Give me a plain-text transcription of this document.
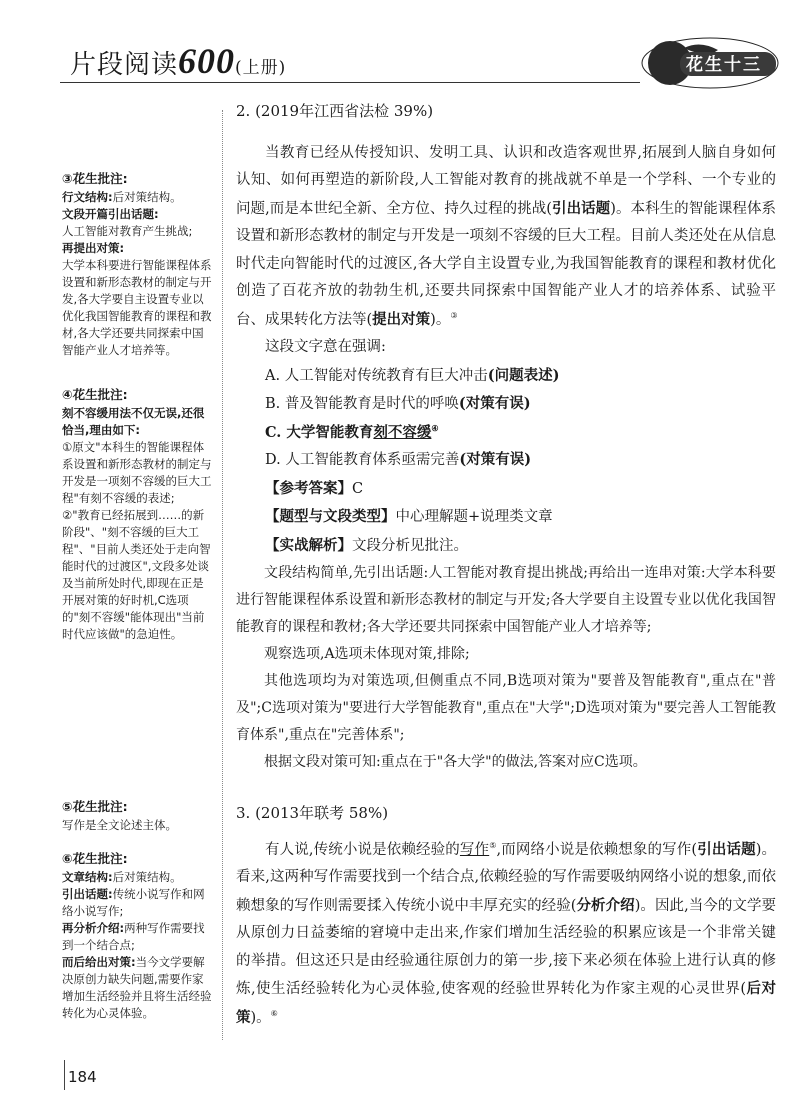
片段阅读600(上册)	花生十三
③花生批注:

行文结构:后对策结构。

文段开篇引出话题:

人工智能对教育产生挑战;

再提出对策:

大学本科要进行智能课程体系设置和新形态教材的制定与开发,各大学要自主设置专业以优化我国智能教育的课程和教材,各大学还要共同探索中国智能产业人才培养等。

④花生批注:

刻不容缓用法不仅无误,还很恰当,理由如下:

①原文"本科生的智能课程体系设置和新形态教材的制定与开发是一项刻不容缓的巨大工程"有刻不容缓的表述;

②"教育已经拓展到……的新阶段"、"刻不容缓的巨大工程"、"目前人类还处于走向智能时代的过渡区",文段多处谈及当前所处时代,即现在正是开展对策的好时机,C选项的"刻不容缓"能体现出"当前时代应该做"的急迫性。

⑤花生批注:

写作是全文论述主体。

⑥花生批注:

文章结构:后对策结构。

引出话题:传统小说写作和网络小说写作;

再分析介绍:两种写作需要找到一个结合点;

而后给出对策:当今文学要解决原创力缺失问题,需要作家增加生活经验并且将生活经验转化为心灵体验。

2. (2019年江西省法检 39%)

当教育已经从传授知识、发明工具、认识和改造客观世界,拓展到人脑自身如何认知、如何再塑造的新阶段,人工智能对教育的挑战就不单是一个学科、一个专业的问题,而是本世纪全新、全方位、持久过程的挑战(引出话题)。本科生的智能课程体系设置和新形态教材的制定与开发是一项刻不容缓的巨大工程。目前人类还处在从信息时代走向智能时代的过渡区,各大学自主设置专业,为我国智能教育的课程和教材优化创造了百花齐放的勃勃生机,还要共同探索中国智能产业人才的培养体系、试验平台、成果转化方法等(提出对策)。③

这段文字意在强调:

A. 人工智能对传统教育有巨大冲击(问题表述)

B. 普及智能教育是时代的呼唤(对策有误)

C. 大学智能教育刻不容缓④

D. 人工智能教育体系亟需完善(对策有误)

【参考答案】C

【题型与文段类型】中心理解题+说理类文章

【实战解析】文段分析见批注。

文段结构简单,先引出话题:人工智能对教育提出挑战;再给出一连串对策:大学本科要进行智能课程体系设置和新形态教材的制定与开发;各大学要自主设置专业以优化我国智能教育的课程和教材;各大学还要共同探索中国智能产业人才培养等;

观察选项,A选项未体现对策,排除;

其他选项均为对策选项,但侧重点不同,B选项对策为"要普及智能教育",重点在"普及";C选项对策为"要进行大学智能教育",重点在"大学";D选项对策为"要完善人工智能教育体系",重点在"完善体系";

根据文段对策可知:重点在于"各大学"的做法,答案对应C选项。

3. (2013年联考 58%)

有人说,传统小说是依赖经验的写作⑤,而网络小说是依赖想象的写作(引出话题)。看来,这两种写作需要找到一个结合点,依赖经验的写作需要吸纳网络小说的想象,而依赖想象的写作则需要揉入传统小说中丰厚充实的经验(分析介绍)。因此,当今的文学要从原创力日益萎缩的窘境中走出来,作家们增加生活经验的积累应该是一个非常关键的举措。但这还只是由经验通往原创力的第一步,接下来必须在体验上进行认真的修炼,使生活经验转化为心灵体验,使客观的经验世界转化为作家主观的心灵世界(后对策)。⑥

184
